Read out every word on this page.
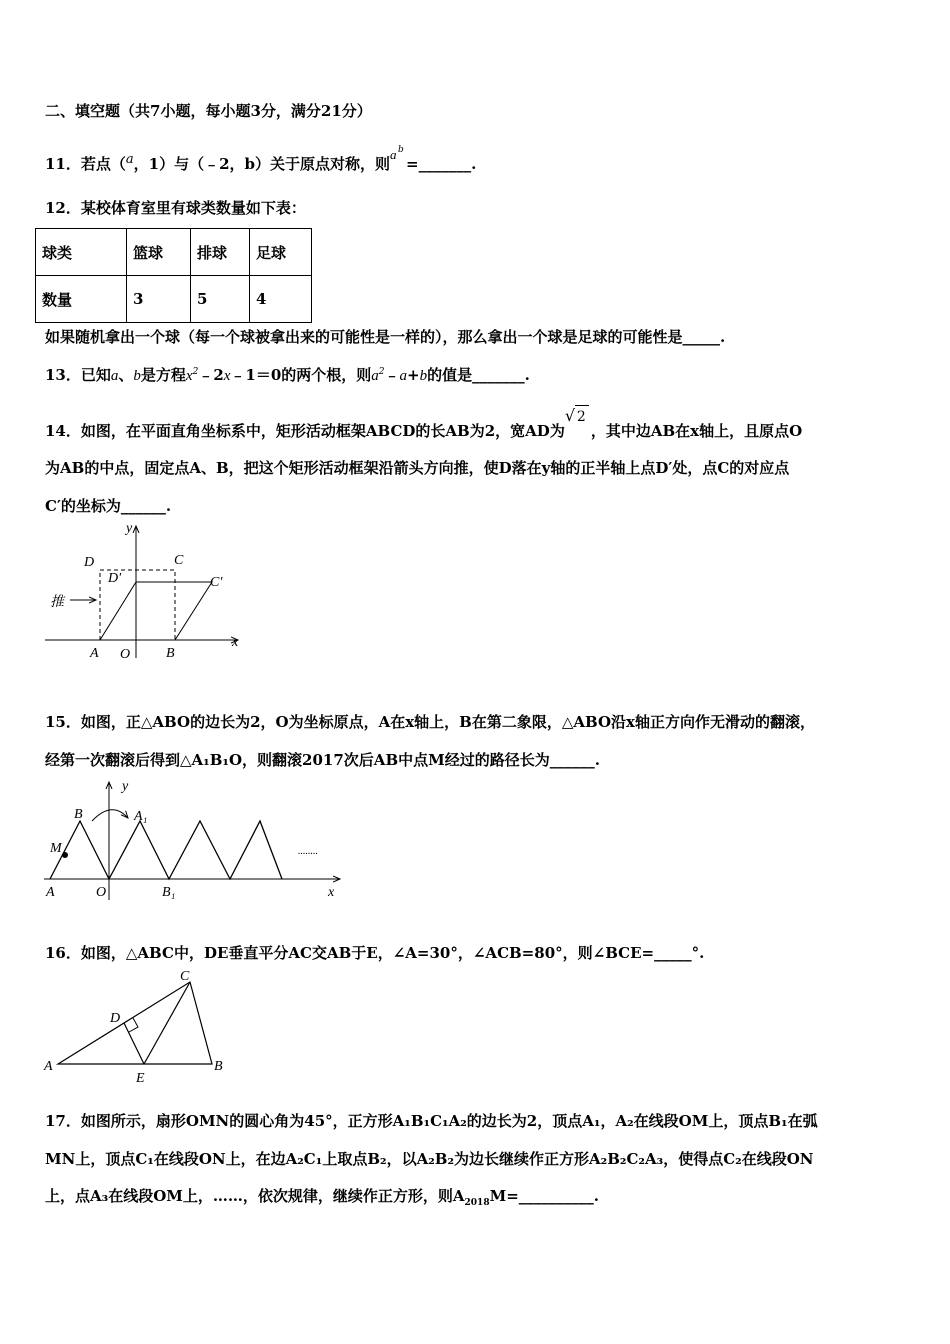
二、填空题（共7小题，每小题3分，满分21分）
11．若点（$^a$，1）与（﹣2，b）关于原点对称，则a b
=_______.
12．某校体育室里有球类数量如下表：
球类	篮球	排球	足球
数量	3	5	4
如果随机拿出一个球（每一个球被拿出来的可能性是一样的），那么拿出一个球是足球的可能性是_____.
13．已知a、b是方程$x^2﹣2x﹣1=0$的两个根，则$a^2﹣a+b$的值是_______.
14．如图，在平面直角坐标系中，矩形活动框架ABCD的长AB为2，宽AD为
√ 2
，其中边AB在x轴上，且原点O
为AB的中点，固定点A、B，把这个矩形活动框架沿箭头方向推，使D落在y轴的正半轴上点D′处，点C的对应点
C′的坐标为______.
y
D	C
D′	C′
推
A O	B
x
15．如图，正△ABO的边长为2，O为坐标原点，A在x轴上，B在第二象限，△ABO沿x轴正方向作无滑动的翻滚，
经第一次翻滚后得到△A₁B₁O，则翻滚2017次后AB中点M经过的路径长为______.
y
B	A₁
M
A	O	B₁	x
........
16．如图，△ABC中，DE垂直平分AC交AB于E，∠A=30°，∠ACB=80°，则∠BCE=_____°.
C
D
A
E
B
17．如图所示，扇形OMN的圆心角为45°，正方形A₁B₁C₁A₂的边长为2，顶点A₁，A₂在线段OM上，顶点B₁在弧
MN上，顶点C₁在线段ON上，在边A₂C₁上取点B₂，以A₂B₂为边长继续作正方形A₂B₂C₂A₃，使得点C₂在线段ON
上，点A₃在线段OM上，……，依次规律，继续作正方形，则$A_{2018}M=\_\_\_\_\_\_\_\_\_\_$.
